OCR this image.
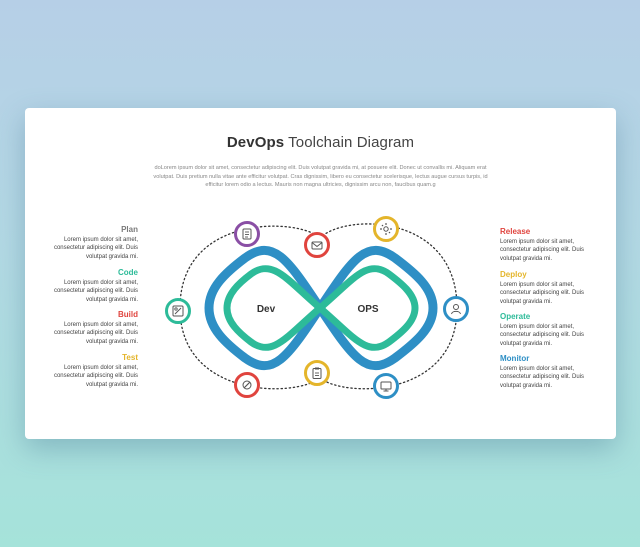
DevOps Toolchain Diagram
doLorem ipsum dolor sit amet, consectetur adipiscing elit. Duis volutpat gravida mi, at posuere elit. Donec ut convallis mi. Aliquam erat volutpat. Duis pretium nulla vitae ante efficitur volutpat. Cras dignissim, libero eu consectetur scelerisque, lectus augue cursus turpis, id efficitur lorem odio a lectus. Mauris non magna ultricies, dignissim arcu non, faucibus quam.g
Dev	OPS
Plan
Lorem ipsum dolor sit amet, consectetur adipiscing elit. Duis volutpat gravida mi.
Code
Lorem ipsum dolor sit amet, consectetur adipiscing elit. Duis volutpat gravida mi.
Build
Lorem ipsum dolor sit amet, consectetur adipiscing elit. Duis volutpat gravida mi.
Test
Lorem ipsum dolor sit amet, consectetur adipiscing elit. Duis volutpat gravida mi.
Release
Lorem ipsum dolor sit amet, consectetur adipiscing elit. Duis volutpat gravida mi.
Deploy
Lorem ipsum dolor sit amet, consectetur adipiscing elit. Duis volutpat gravida mi.
Operate
Lorem ipsum dolor sit amet, consectetur adipiscing elit. Duis volutpat gravida mi.
Monitor
Lorem ipsum dolor sit amet, consectetur adipiscing elit. Duis volutpat gravida mi.
